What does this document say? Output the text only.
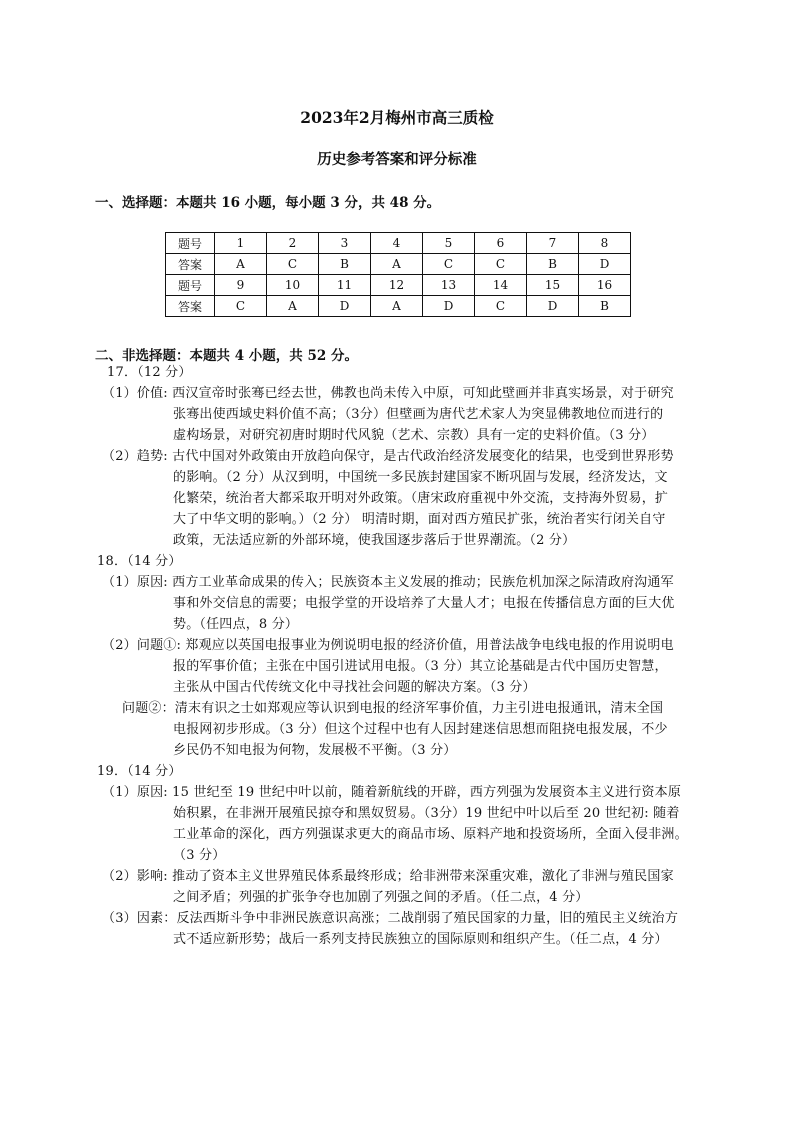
2023年2月梅州市高三质检
历史参考答案和评分标准
一、选择题：本题共 16 小题，每小题 3 分，共 48 分。
题号	1	2	3	4	5	6	7	8
答案	A	C	B	A	C	C	B	D
题号	9	10	11	12	13	14	15	16
答案	C	A	D	A	D	C	D	B
二、非选择题：本题共 4 小题，共 52 分。
17．（12 分）
（1）价值: 西汉宣帝时张骞已经去世，佛教也尚未传入中原，可知此壁画并非真实场景，对于研究
张骞出使西域史料价值不高；（3分）但壁画为唐代艺术家人为突显佛教地位而进行的
虚构场景，对研究初唐时期时代风貌（艺术、宗教）具有一定的史料价值。（3 分）
（2）趋势: 古代中国对外政策由开放趋向保守，是古代政治经济发展变化的结果，也受到世界形势
的影响。（2 分）从汉到明，中国统一多民族封建国家不断巩固与发展，经济发达，文
化繁荣，统治者大都采取开明对外政策。（唐宋政府重视中外交流，支持海外贸易，扩
大了中华文明的影响。）（2 分） 明清时期，面对西方殖民扩张，统治者实行闭关自守
政策，无法适应新的外部环境，使我国逐步落后于世界潮流。（2 分）
18．（14 分）
（1）原因: 西方工业革命成果的传入；民族资本主义发展的推动；民族危机加深之际清政府沟通军
事和外交信息的需要；电报学堂的开设培养了大量人才；电报在传播信息方面的巨大优
势。（任四点，8 分）
（2）问题①: 郑观应以英国电报事业为例说明电报的经济价值，用普法战争电线电报的作用说明电
报的军事价值；主张在中国引进试用电报。（3 分）其立论基础是古代中国历史智慧，
主张从中国古代传统文化中寻找社会问题的解决方案。（3 分）
问题②：清末有识之士如郑观应等认识到电报的经济军事价值，力主引进电报通讯，清末全国
电报网初步形成。（3 分）但这个过程中也有人因封建迷信思想而阻挠电报发展，不少
乡民仍不知电报为何物，发展极不平衡。（3 分）
19．（14 分）
（1）原因: 15 世纪至 19 世纪中叶以前，随着新航线的开辟，西方列强为发展资本主义进行资本原
始积累，在非洲开展殖民掠夺和黑奴贸易。（3分）19 世纪中叶以后至 20 世纪初: 随着
工业革命的深化，西方列强谋求更大的商品市场、原料产地和投资场所，全面入侵非洲。
（3 分）
（2）影响: 推动了资本主义世界殖民体系最终形成；给非洲带来深重灾难，激化了非洲与殖民国家
之间矛盾；列强的扩张争夺也加剧了列强之间的矛盾。（任二点，4 分）
（3）因素：反法西斯斗争中非洲民族意识高涨；二战削弱了殖民国家的力量，旧的殖民主义统治方
式不适应新形势；战后一系列支持民族独立的国际原则和组织产生。（任二点，4 分）
